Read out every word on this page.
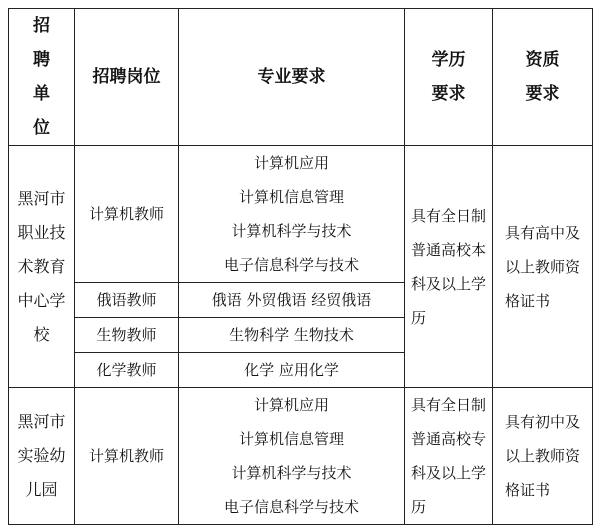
招聘单位	招聘岗位	专业要求	学历要求	资质要求
黑河市职业技术教育中心学校	计算机教师	计算机应用
计算机信息管理
计算机科学与技术
电子信息科学与技术	具有全日制普通高校本科及以上学历	具有高中及以上教师资格证书
	俄语教师	俄语 外贸俄语 经贸俄语		

	生物教师	生物科学 生物技术		

	化学教师	化学 应用化学		

黑河市实验幼儿园	计算机教师	计算机应用
计算机信息管理
计算机科学与技术
电子信息科学与技术	具有全日制普通高校专科及以上学历	具有初中及以上教师资格证书
